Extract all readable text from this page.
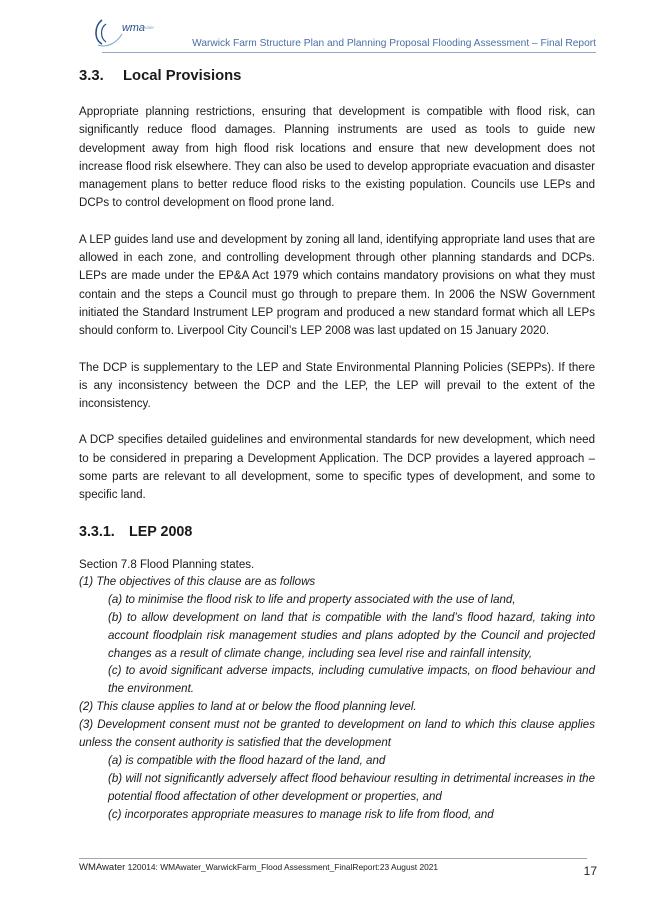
wma
water
Warwick Farm Structure Plan and Planning Proposal Flooding Assessment – Final Report
3.3. Local Provisions

Appropriate planning restrictions, ensuring that development is compatible with flood risk, can significantly reduce flood damages. Planning instruments are used as tools to guide new development away from high flood risk locations and ensure that new development does not increase flood risk elsewhere. They can also be used to develop appropriate evacuation and disaster management plans to better reduce flood risks to the existing population. Councils use LEPs and DCPs to control development on flood prone land.

A LEP guides land use and development by zoning all land, identifying appropriate land uses that are allowed in each zone, and controlling development through other planning standards and DCPs. LEPs are made under the EP&A Act 1979 which contains mandatory provisions on what they must contain and the steps a Council must go through to prepare them. In 2006 the NSW Government initiated the Standard Instrument LEP program and produced a new standard format which all LEPs should conform to. Liverpool City Council’s LEP 2008 was last updated on 15 January 2020.

The DCP is supplementary to the LEP and State Environmental Planning Policies (SEPPs). If there is any inconsistency between the DCP and the LEP, the LEP will prevail to the extent of the inconsistency.

A DCP specifies detailed guidelines and environmental standards for new development, which need to be considered in preparing a Development Application. The DCP provides a layered approach – some parts are relevant to all development, some to specific types of development, and some to specific land.

3.3.1. LEP 2008

Section 7.8 Flood Planning states.

(1) The objectives of this clause are as follows
(a) to minimise the flood risk to life and property associated with the use of land,
(b) to allow development on land that is compatible with the land’s flood hazard, taking into account floodplain risk management studies and plans adopted by the Council and projected changes as a result of climate change, including sea level rise and rainfall intensity,
(c) to avoid significant adverse impacts, including cumulative impacts, on flood behaviour and the environment.
(2) This clause applies to land at or below the flood planning level.
(3) Development consent must not be granted to development on land to which this clause applies unless the consent authority is satisfied that the development
(a) is compatible with the flood hazard of the land, and
(b) will not significantly adversely affect flood behaviour resulting in detrimental increases in the potential flood affectation of other development or properties, and
(c) incorporates appropriate measures to manage risk to life from flood, and
WMAwater 120014: WMAwater_WarwickFarm_Flood Assessment_FinalReport:23 August 2021	17
